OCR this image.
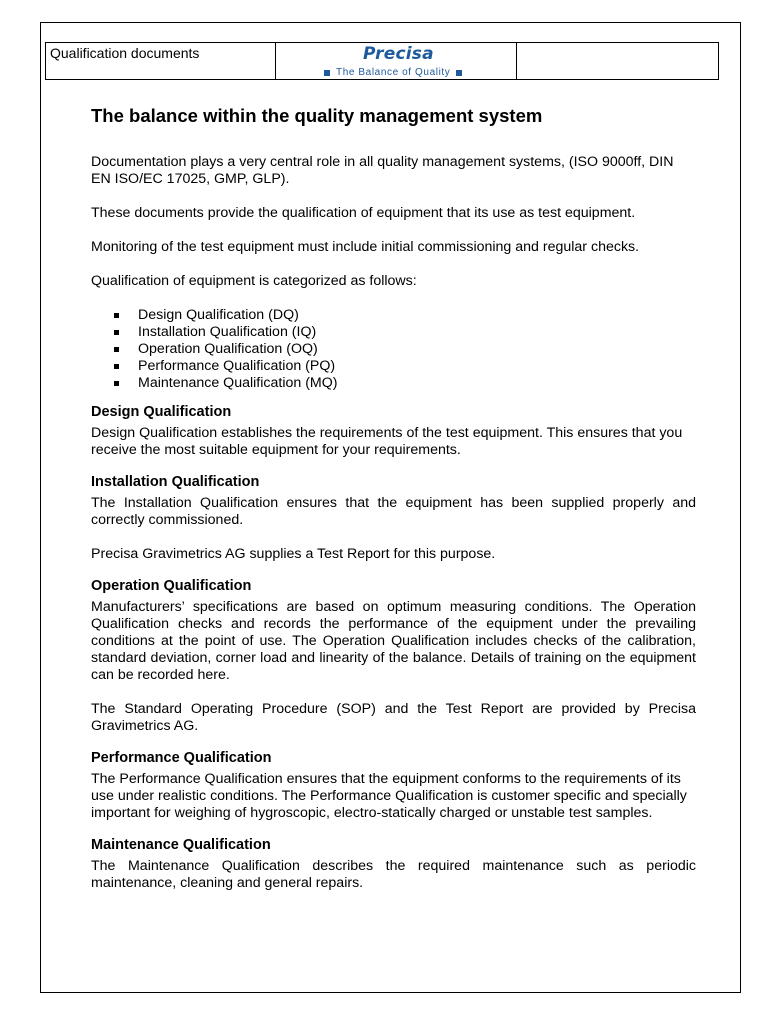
Qualification documents	Precisa
The Balance of Quality
The balance within the quality management system

Documentation plays a very central role in all quality management systems, (ISO 9000ff, DIN EN ISO/EC 17025, GMP, GLP).

These documents provide the qualification of equipment that its use as test equipment.

Monitoring of the test equipment must include initial commissioning and regular checks.

Qualification of equipment is categorized as follows:

Design Qualification (DQ)
Installation Qualification (IQ)
Operation Qualification (OQ)
Performance Qualification (PQ)
Maintenance Qualification (MQ)
Design Qualification

Design Qualification establishes the requirements of the test equipment. This ensures that you receive the most suitable equipment for your requirements.

Installation Qualification

The Installation Qualification ensures that the equipment has been supplied properly and correctly commissioned.

Precisa Gravimetrics AG supplies a Test Report for this purpose.

Operation Qualification

Manufacturers’ specifications are based on optimum measuring conditions. The Operation Qualification checks and records the performance of the equipment under the prevailing conditions at the point of use. The Operation Qualification includes checks of the calibration, standard deviation, corner load and linearity of the balance. Details of training on the equipment can be recorded here.

The Standard Operating Procedure (SOP) and the Test Report are provided by Precisa Gravimetrics AG.

Performance Qualification

The Performance Qualification ensures that the equipment conforms to the requirements of its use under realistic conditions. The Performance Qualification is customer specific and specially important for weighing of hygroscopic, electro-statically charged or unstable test samples.

Maintenance Qualification

The Maintenance Qualification describes the required maintenance such as periodic maintenance, cleaning and general repairs.
